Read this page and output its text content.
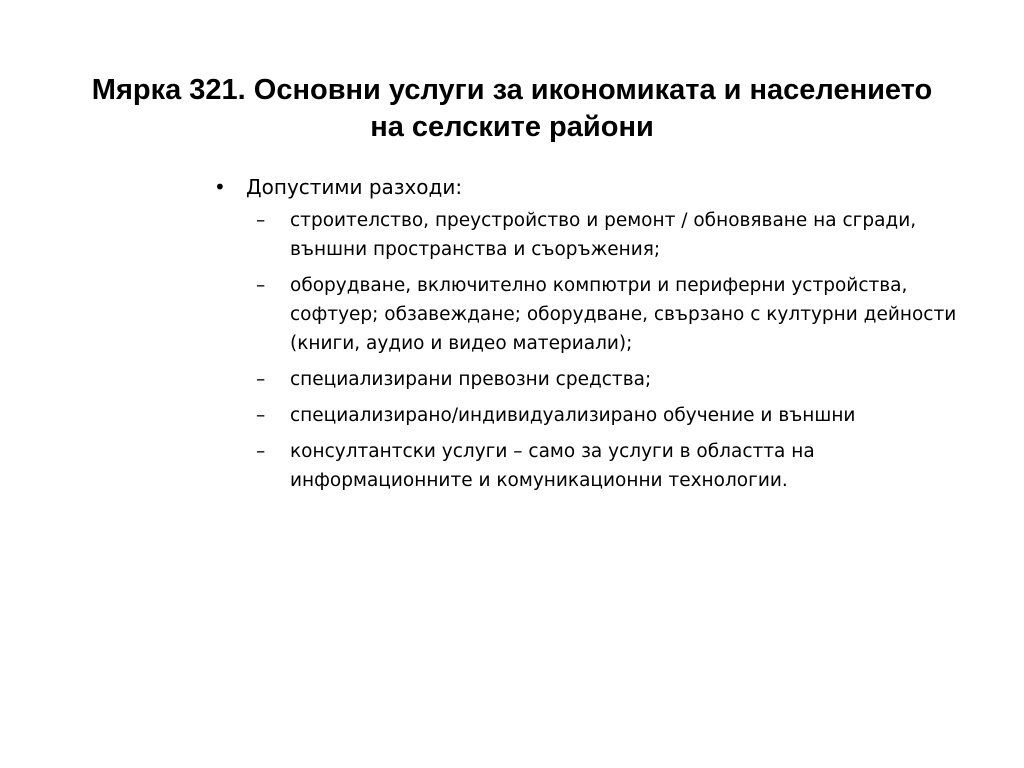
Мярка 321. Основни услуги за икономиката и населението
на селските райони
•	Допустими разходи:
–	строителство, преустройство и ремонт / обновяване на сгради, външни пространства и съоръжения;
–	оборудване, включително компютри и периферни устройства, софтуер; обзавеждане; оборудване, свързано с културни дейности (книги, аудио и видео материали);
–	специализирани превозни средства;
–	специализирано/индивидуализирано обучение и външни
–	консултантски услуги – само за услуги в областта на информационните и комуникационни технологии.
